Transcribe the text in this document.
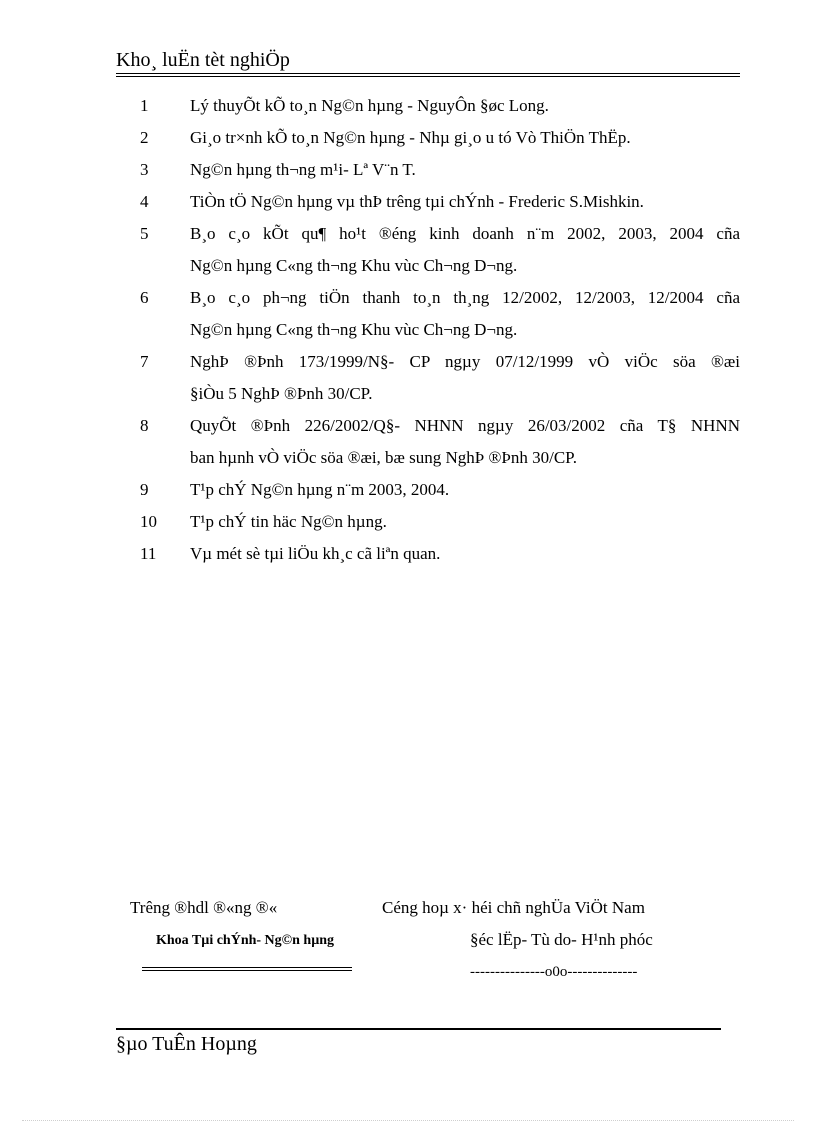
Kho¸ luËn tèt nghiÖp
1	Lý thuyÕt kÕ to¸n Ng©n hµng - NguyÔn §øc Long.
2	Gi¸o tr×nh kÕ to¸n Ng©n hµng - Nhµ gi¸o u tó Vò ThiÖn ThËp.
3	Ng©n hµng th¬ng m¹i- Lª V¨n T.
4	TiÒn tÖ Ng©n hµng vµ thÞ trêng tµi chÝnh - Frederic S.Mishkin.
5	B¸o c¸o kÕt qu¶ ho¹t ®éng kinh doanh n¨m 2002, 2003, 2004 cña
Ng©n hµng C«ng th¬ng Khu vùc Ch¬ng D¬ng.
6	B¸o c¸o ph¬ng tiÖn thanh to¸n th¸ng 12/2002, 12/2003, 12/2004 cña
Ng©n hµng C«ng th¬ng Khu vùc Ch¬ng D¬ng.
7	NghÞ ®Þnh 173/1999/N§- CP ngµy 07/12/1999 vÒ viÖc söa ®æi
§iÒu 5 NghÞ ®Þnh 30/CP.
8	QuyÕt ®Þnh 226/2002/Q§- NHNN ngµy 26/03/2002 cña T§ NHNN
ban hµnh vÒ viÖc söa ®æi, bæ sung NghÞ ®Þnh 30/CP.
9	T¹p chÝ Ng©n hµng n¨m 2003, 2004.
10	T¹p chÝ tin häc Ng©n hµng.
11	Vµ mét sè tµi liÖu kh¸c cã liªn quan.
Trêng ®hdl ®«ng ®«
Khoa Tµi chÝnh- Ng©n hµng
Céng hoµ x· héi chñ nghÜa ViÖt Nam
§éc lËp- Tù do- H¹nh phóc
---------------o0o--------------
§µo TuÊn Hoµng
